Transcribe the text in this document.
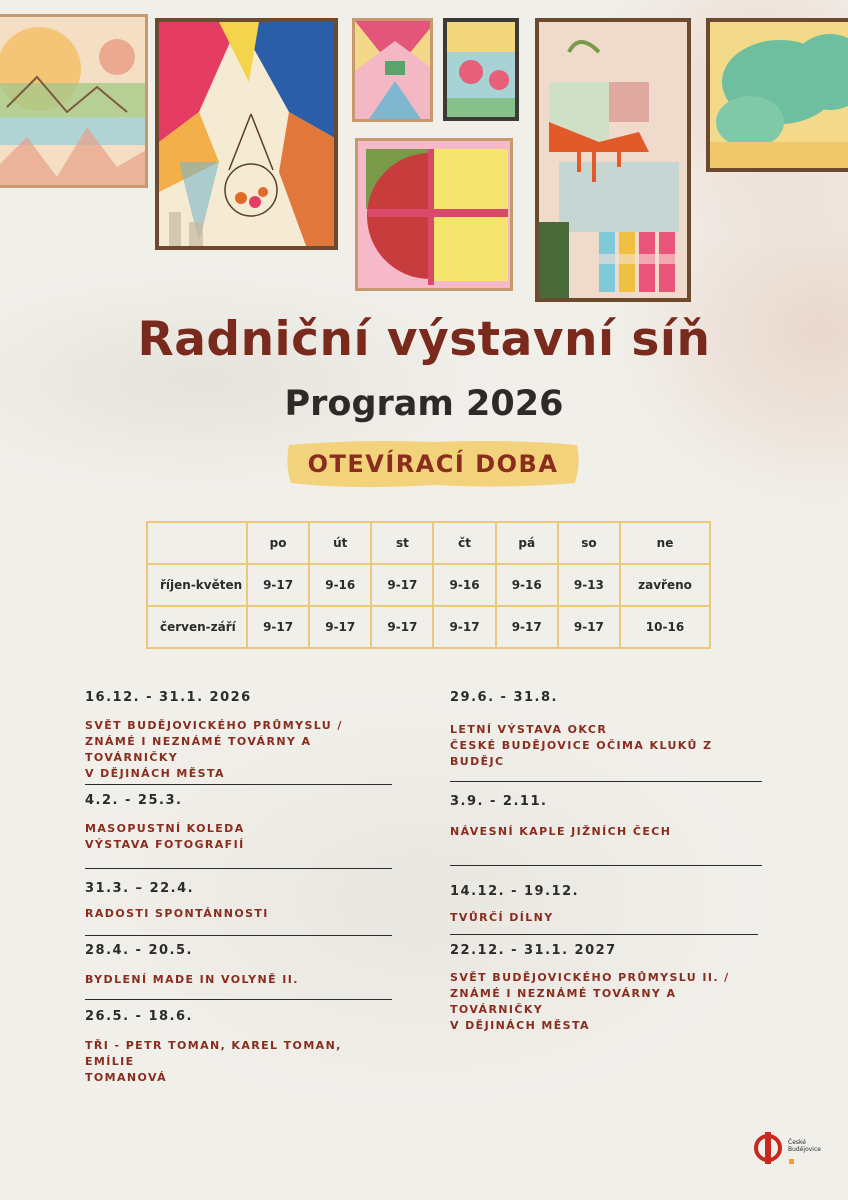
Radniční výstavní síň
Program 2026
OTEVÍRACÍ DOBA
	po	út	st	čt	pá	so	ne
říjen-květen	9-17	9-16	9-17	9-16	9-16	9-13	zavřeno
červen-září	9-17	9-17	9-17	9-17	9-17	9-17	10-16
16.12. - 31.1. 2026
SVĚT BUDĚJOVICKÉHO PRŮMYSLU /
ZNÁMÉ I NEZNÁMÉ TOVÁRNY A TOVÁRNIČKY
V DĚJINÁCH MĚSTA
4.2. - 25.3.
MASOPUSTNÍ KOLEDA
VÝSTAVA FOTOGRAFIÍ
31.3. – 22.4.
RADOSTI SPONTÁNNOSTI
28.4. - 20.5.
BYDLENÍ MADE IN VOLYNĚ II.
26.5. - 18.6.
TŘI - PETR TOMAN, KAREL TOMAN, EMÍLIE
TOMANOVÁ
29.6. - 31.8.
LETNÍ VÝSTAVA OKCR
ČESKÉ BUDĚJOVICE OČIMA KLUKŮ Z BUDĚJC
3.9. - 2.11.
NÁVESNÍ KAPLE JIŽNÍCH ČECH
14.12. - 19.12.
TVŮRČÍ DÍLNY
22.12. - 31.1. 2027
SVĚT BUDĚJOVICKÉHO PRŮMYSLU II. /
ZNÁMÉ I NEZNÁMÉ TOVÁRNY A TOVÁRNIČKY
V DĚJINÁCH MĚSTA
České
Budějovice
